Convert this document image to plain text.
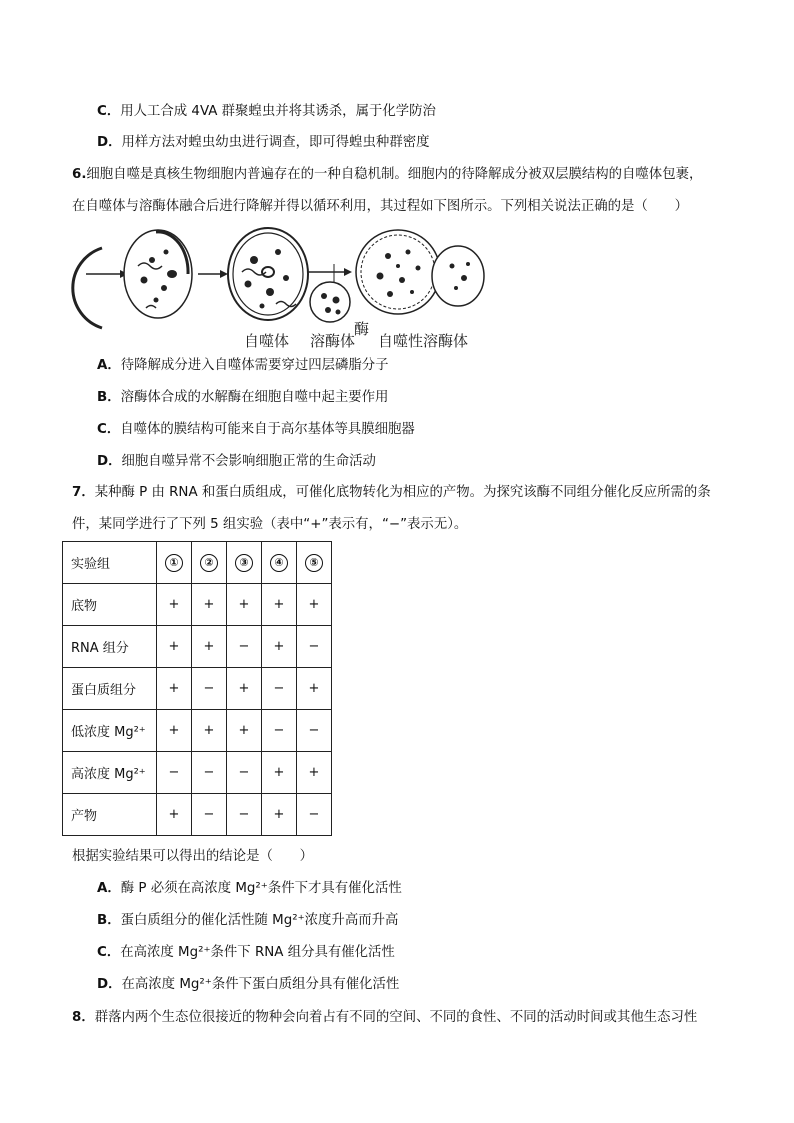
C．用人工合成 4VA 群聚蝗虫并将其诱杀，属于化学防治
D．用样方法对蝗虫幼虫进行调查，即可得蝗虫种群密度
6.细胞自噬是真核生物细胞内普遍存在的一种自稳机制。细胞内的待降解成分被双层膜结构的自噬体包裹，
在自噬体与溶酶体融合后进行降解并得以循环利用，其过程如下图所示。下列相关说法正确的是（　　）
自噬体 溶酶体
酶
自噬性溶酶体
A．待降解成分进入自噬体需要穿过四层磷脂分子
B．溶酶体合成的水解酶在细胞自噬中起主要作用
C．自噬体的膜结构可能来自于高尔基体等具膜细胞器
D．细胞自噬异常不会影响细胞正常的生命活动
7．某种酶 P 由 RNA 和蛋白质组成，可催化底物转化为相应的产物。为探究该酶不同组分催化反应所需的条
件，某同学进行了下列 5 组实验（表中“+”表示有，“−”表示无）。
实验组	①	②	③	④	⑤
底物	+	+	+	+	+
RNA 组分	+	+	−	+	−
蛋白质组分	+	−	+	−	+
低浓度 Mg²⁺	+	+	+	−	−
高浓度 Mg²⁺	−	−	−	+	+
产物	+	−	−	+	−
根据实验结果可以得出的结论是（　　）
A．酶 P 必须在高浓度 Mg²⁺条件下才具有催化活性
B．蛋白质组分的催化活性随 Mg²⁺浓度升高而升高
C．在高浓度 Mg²⁺条件下 RNA 组分具有催化活性
D．在高浓度 Mg²⁺条件下蛋白质组分具有催化活性
8．群落内两个生态位很接近的物种会向着占有不同的空间、不同的食性、不同的活动时间或其他生态习性
